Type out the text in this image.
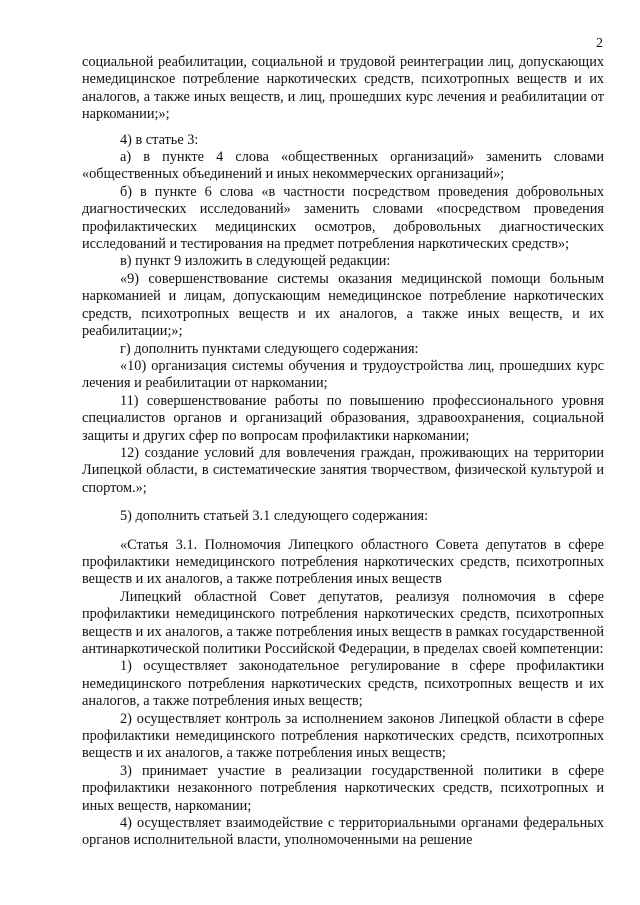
2

социальной реабилитации, социальной и трудовой реинтеграции лиц, допускающих немедицинское потребление наркотических средств, психотропных веществ и их аналогов, а также иных веществ, и лиц, прошедших курс лечения и реабилитации от наркомании;»;

4) в статье 3:

а) в пункте 4 слова «общественных организаций» заменить словами «общественных объединений и иных некоммерческих организаций»;

б) в пункте 6 слова «в частности посредством проведения добровольных диагностических исследований» заменить словами «посредством проведения профилактических медицинских осмотров, добровольных диагностических исследований и тестирования на предмет потребления наркотических средств»;

в) пункт 9 изложить в следующей редакции:

«9) совершенствование системы оказания медицинской помощи больным наркоманией и лицам, допускающим немедицинское потребление наркотических средств, психотропных веществ и их аналогов, а также иных веществ, и их реабилитации;»;

г) дополнить пунктами следующего содержания:

«10) организация системы обучения и трудоустройства лиц, прошедших курс лечения и реабилитации от наркомании;

11) совершенствование работы по повышению профессионального уровня специалистов органов и организаций образования, здравоохранения, социальной защиты и других сфер по вопросам профилактики наркомании;

12) создание условий для вовлечения граждан, проживающих на территории Липецкой области, в систематические занятия творчеством, физической культурой и спортом.»;

5) дополнить статьей 3.1 следующего содержания:

«Статья 3.1. Полномочия Липецкого областного Совета депутатов в сфере профилактики немедицинского потребления наркотических средств, психотропных веществ и их аналогов, а также потребления иных веществ

Липецкий областной Совет депутатов, реализуя полномочия в сфере профилактики немедицинского потребления наркотических средств, психотропных веществ и их аналогов, а также потребления иных веществ в рамках государственной антинаркотической политики Российской Федерации, в пределах своей компетенции:

1) осуществляет законодательное регулирование в сфере профилактики немедицинского потребления наркотических средств, психотропных веществ и их аналогов, а также потребления иных веществ;

2) осуществляет контроль за исполнением законов Липецкой области в сфере профилактики немедицинского потребления наркотических средств, психотропных веществ и их аналогов, а также потребления иных веществ;

3) принимает участие в реализации государственной политики в сфере профилактики незаконного потребления наркотических средств, психотропных и иных веществ, наркомании;

4) осуществляет взаимодействие с территориальными органами федеральных органов исполнительной власти, уполномоченными на решение
